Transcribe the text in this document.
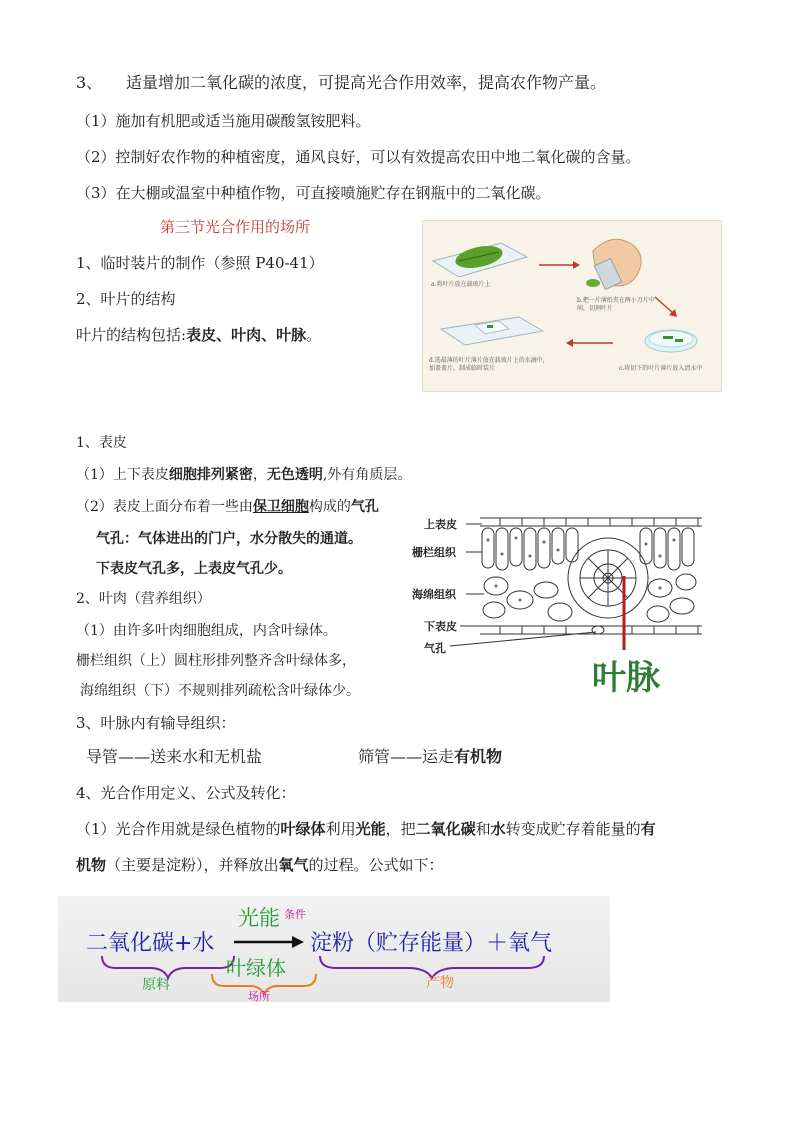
3、 适量增加二氧化碳的浓度，可提高光合作用效率，提高农作物产量。
（1）施加有机肥或适当施用碳酸氢铵肥料。
（2）控制好农作物的种植密度，通风良好，可以有效提高农田中地二氧化碳的含量。
（3）在大棚或温室中种植作物，可直接喷施贮存在钢瓶中的二氧化碳。
第三节光合作用的场所
1、临时装片的制作（参照 P40-41）
2、叶片的结构
叶片的结构包括:表皮、叶肉、叶脉。
a.将叶片放在载玻片上
b.把一片薄纸夹在两小刀片中间，切割叶片
c.将切下的叶片薄片放入清水中
d.选最薄的叶片薄片放在载玻片上的水滴中，加盖盖片，制成临时装片
1、表皮
（1）上下表皮细胞排列紧密，无色透明,外有角质层。
（2）表皮上面分布着一些由保卫细胞构成的气孔
气孔：气体进出的门户，水分散失的通道。
下表皮气孔多，上表皮气孔少。
2、叶肉（营养组织）
（1）由许多叶肉细胞组成，内含叶绿体。
栅栏组织（上）圆柱形排列整齐含叶绿体多，
海绵组织（下）不规则排列疏松含叶绿体少。
上表皮
栅栏组织
海绵组织
下表皮
气孔
叶脉
3、叶脉内有输导组织：
导管——送来水和无机盐	筛管——运走有机物
4、光合作用定义、公式及转化：
（1）光合作用就是绿色植物的叶绿体利用光能，把二氧化碳和水转变成贮存着能量的有
机物（主要是淀粉），并释放出氧气的过程。公式如下：
二氧化碳+水
光能 条件
叶绿体
场所
淀粉（贮存能量）＋氧气
原料	产物
